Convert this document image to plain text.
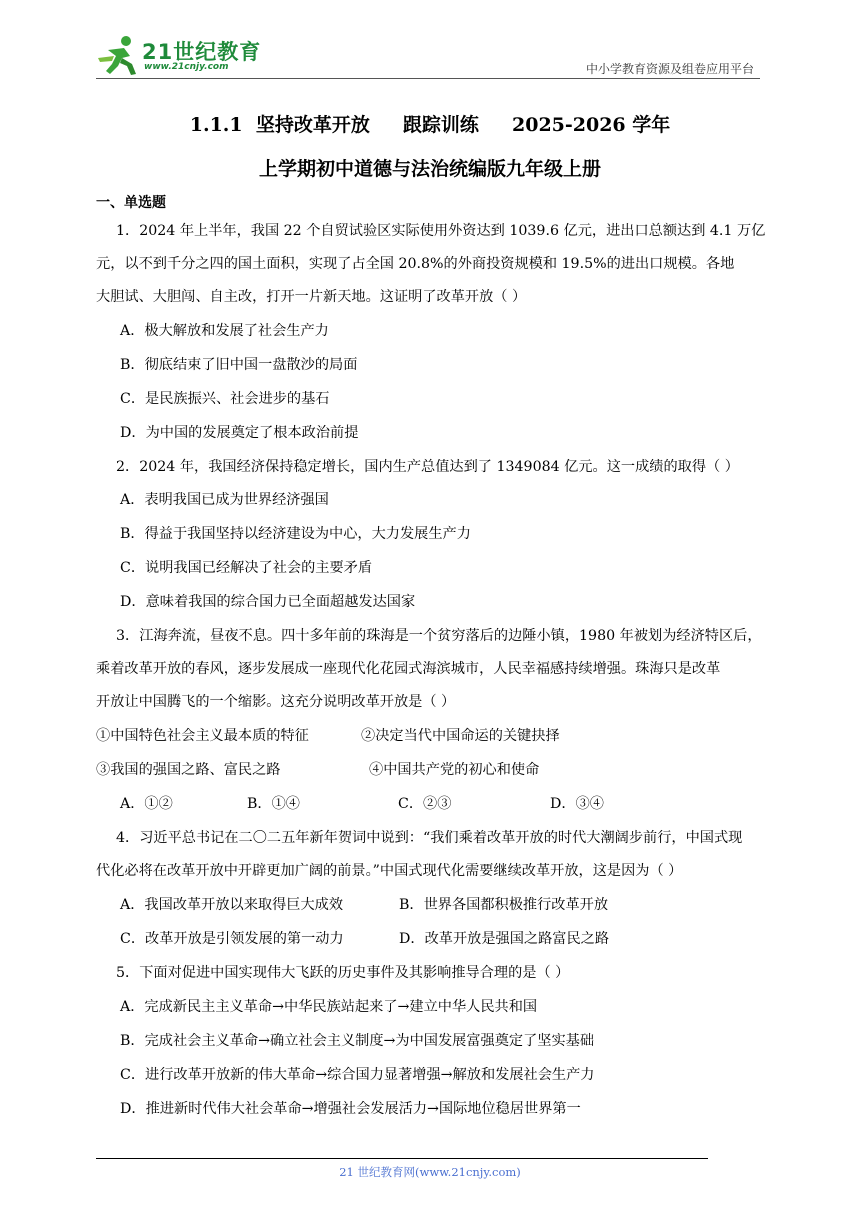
21世纪教育
www.21cnjy.com	中小学教育资源及组卷应用平台
1.1.1  坚持改革开放     跟踪训练     2025-2026 学年
上学期初中道德与法治统编版九年级上册
一、单选题
1．2024 年上半年，我国 22 个自贸试验区实际使用外资达到 1039.6 亿元，进出口总额达到 4.1 万亿
元，以不到千分之四的国土面积，实现了占全国 20.8%的外商投资规模和 19.5%的进出口规模。各地
大胆试、大胆闯、自主改，打开一片新天地。这证明了改革开放（ ）
A．极大解放和发展了社会生产力
B．彻底结束了旧中国一盘散沙的局面
C．是民族振兴、社会进步的基石
D．为中国的发展奠定了根本政治前提
2．2024 年，我国经济保持稳定增长，国内生产总值达到了 1349084 亿元。这一成绩的取得（ ）
A．表明我国已成为世界经济强国
B．得益于我国坚持以经济建设为中心，大力发展生产力
C．说明我国已经解决了社会的主要矛盾
D．意味着我国的综合国力已全面超越发达国家
3．江海奔流，昼夜不息。四十多年前的珠海是一个贫穷落后的边陲小镇，1980 年被划为经济特区后，
乘着改革开放的春风，逐步发展成一座现代化花园式海滨城市，人民幸福感持续增强。珠海只是改革
开放让中国腾飞的一个缩影。这充分说明改革开放是（ ）
①中国特色社会主义最本质的特征	②决定当代中国命运的关键抉择
③我国的强国之路、富民之路	④中国共产党的初心和使命
A．①②	B．①④	C．②③	D．③④
4．习近平总书记在二〇二五年新年贺词中说到：“我们乘着改革开放的时代大潮阔步前行，中国式现
代化必将在改革开放中开辟更加广阔的前景。”中国式现代化需要继续改革开放，这是因为（ ）
A．我国改革开放以来取得巨大成效	B．世界各国都积极推行改革开放
C．改革开放是引领发展的第一动力	D．改革开放是强国之路富民之路
5．下面对促进中国实现伟大飞跃的历史事件及其影响推导合理的是（ ）
A．完成新民主主义革命→中华民族站起来了→建立中华人民共和国
B．完成社会主义革命→确立社会主义制度→为中国发展富强奠定了坚实基础
C．进行改革开放新的伟大革命→综合国力显著增强→解放和发展社会生产力
D．推进新时代伟大社会革命→增强社会发展活力→国际地位稳居世界第一
21 世纪教育网(www.21cnjy.com)
